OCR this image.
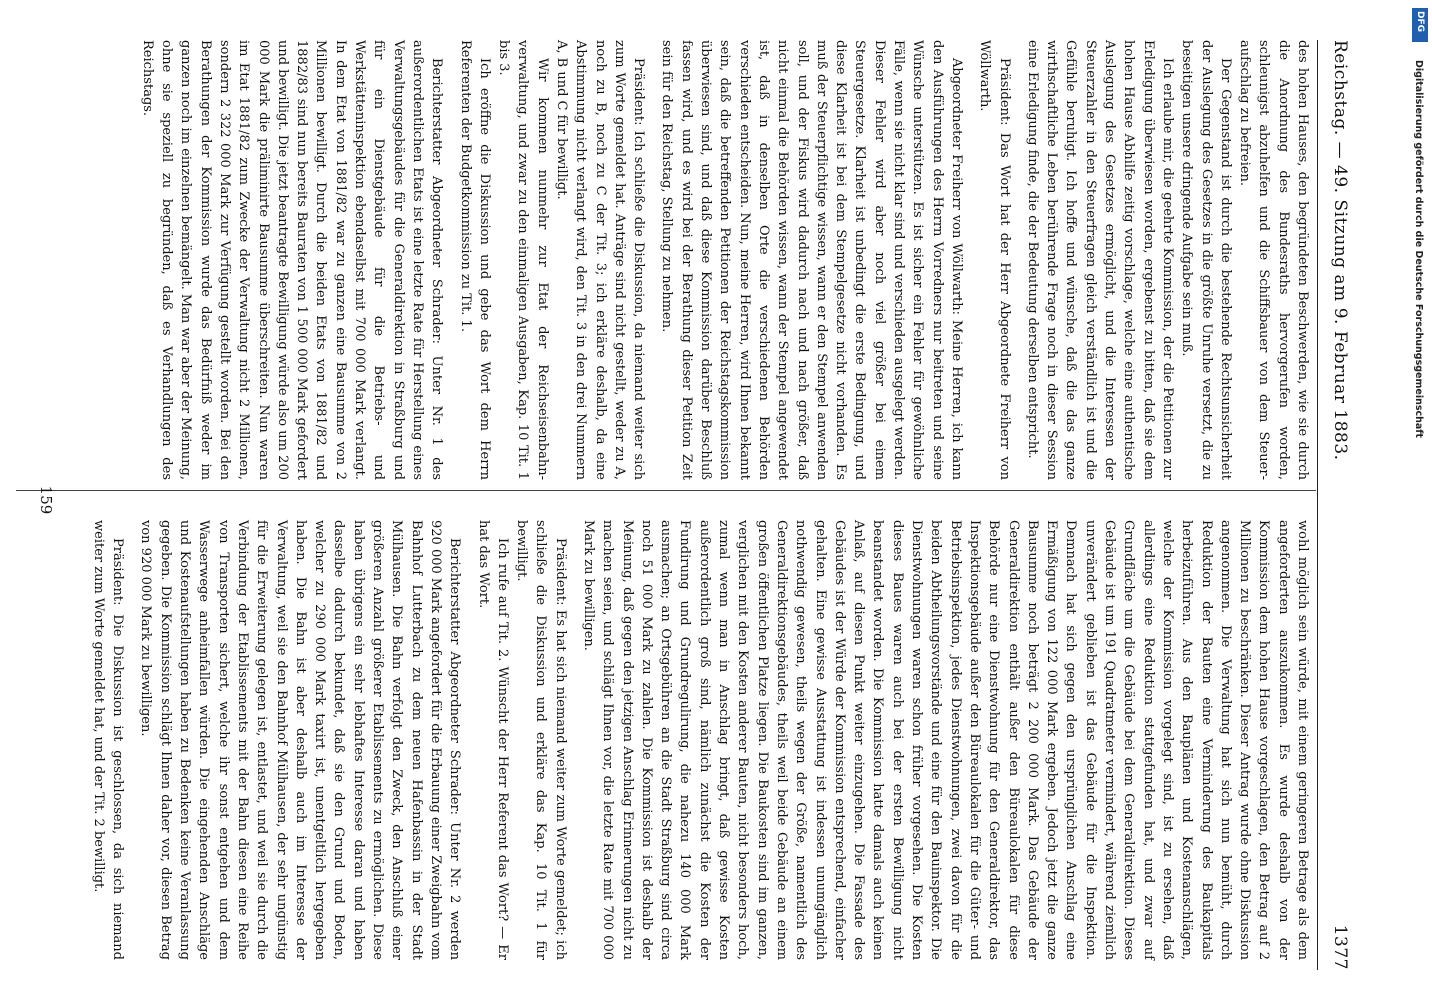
Reichstag. — 49. Sitzung am 9. Februar 1883.
1377

des hohen Hauses, den begründeten Beschwerden, wie sie durch die Anordnung des Bundesraths hervorgerufen worden, schleunigst abzuhelfen und die Schiffsbauer von dem Steueraufschlag zu befreien.

Der Gegenstand ist durch die bestehende Rechtsunsicherheit der Auslegung des Gesetzes in die größte Unruhe versetzt, die zu beseitigen unsere dringende Aufgabe sein muß.

Ich erlaube mir, die geehrte Kommission, der die Petitionen zur Erledigung überwiesen worden, ergebenst zu bitten, daß sie dem hohen Hause Abhilfe zeitig vorschlage, welche eine authentische Auslegung des Gesetzes ermöglicht, und die Interessen der Steuerzahler in den Steuerfragen gleich verständlich ist und die Gefühle beruhigt. Ich hoffe und wünsche, daß die das ganze wirthschaftliche Leben berührende Frage noch in dieser Session eine Erledigung finde, die der Bedeutung derselben entspricht.

Präsident: Das Wort hat der Herr Abgeordnete Freiherr von Wöllwarth.

Abgeordneter Freiherr von Wöllwarth: Meine Herren, ich kann den Ausführungen des Herrn Vorredners nur beitreten und seine Wünsche unterstützen. Es ist sicher ein Fehler für gewöhnliche Fälle, wenn sie nicht klar sind und verschieden ausgelegt werden. Dieser Fehler wird aber noch viel größer bei einem Steuergesetze. Klarheit ist unbedingt die erste Bedingung, und diese Klarheit ist bei dem Stempelgesetze nicht vorhanden. Es muß der Steuerpflichtige wissen, wann er den Stempel anwenden soll, und der Fiskus wird dadurch nach und nach größer, daß nicht einmal die Behörden wissen, wann der Stempel angewendet ist, daß in denselben Orte die verschiedenen Behörden verschieden entscheiden. Nun, meine Herren, wird Ihnen bekannt sein, daß die betreffenden Petitionen der Reichstagskommission überwiesen sind, und daß diese Kommission darüber Beschluß fassen wird, und es wird bei der Berathung dieser Petition Zeit sein für den Reichstag, Stellung zu nehmen.

Präsident: Ich schließe die Diskussion, da niemand weiter sich zum Worte gemeldet hat. Anträge sind nicht gestellt, weder zu A, noch zu B, noch zu C der Tit. 3; ich erkläre deshalb, da eine Abstimmung nicht verlangt wird, den Tit. 3 in den drei Nummern A, B und C für bewilligt.

Wir kommen nunmehr zur Etat der Reichseisenbahnverwaltung, und zwar zu den einmaligen Ausgaben, Kap. 10 Tit. 1 bis 3.

Ich eröffne die Diskussion und gebe das Wort dem Herrn Referenten der Budgetkommission zu Tit. 1.

Berichterstatter Abgeordneter Schrader: Unter Nr. 1 des außerordentlichen Etats ist eine letzte Rate für Herstellung eines Verwaltungsgebäudes für die Generaldirektion in Straßburg und für ein Dienstgebäude für die Betriebs- und Werkstätteninspektion ebendaselbst mit 700 000 Mark verlangt. In dem Etat von 1881/82 war zu ganzen eine Bausumme von 2 Millionen bewilligt. Durch die beiden Etats von 1881/82 und 1882/83 sind nun bereits Bauraten von 1 500 000 Mark gefordert und bewilligt. Die jetzt beantragte Bewilligung würde also um 200 000 Mark die präliminirte Bausumme überschreiten. Nun waren im Etat 1881/82 zum Zwecke der Verwaltung nicht 2 Millionen, sondern 2 322 000 Mark zur Verfügung gestellt worden. Bei den Berathungen der Kommission wurde das Bedürfniß weder im ganzen noch im einzelnen bemängelt. Man war aber der Meinung, ohne sie speziell zu begründen, daß es Verhandlungen des Reichstags.

wohl möglich sein würde, mit einem geringeren Betrage als dem angeforderten auszukommen. Es wurde deshalb von der Kommission dem hohen Hause vorgeschlagen, den Betrag auf 2 Millionen zu beschränken. Dieser Antrag wurde ohne Diskussion angenommen. Die Verwaltung hat sich nun bemüht, durch Reduktion der Bauten eine Verminderung des Baukapitals herbeizuführen. Aus den Bauplänen und Kostenanschlägen, welche der Kommission vorgelegt sind, ist zu ersehen, daß allerdings eine Reduktion stattgefunden hat, und zwar auf Grundfläche um die Gebäude bei dem Generaldirektion. Dieses Gebäude ist um 191 Quadratmeter vermindert, während ziemlich unverändert geblieben ist das Gebäude für die Inspektion. Demnach hat sich gegen den ursprünglichen Anschlag eine Ermäßigung von 122 000 Mark ergeben. Jedoch jetzt die ganze Bausumme noch beträgt 2 200 000 Mark. Das Gebäude der Generaldirektion enthält außer den Büreaulokalen für diese Behörde nur eine Dienstwohnung für den Generaldirektor, das Inspektionsgebäude außer den Büreaulokalen für die Güter- und Betriebsinspektion, jedes Dienstwohnungen, zwei davon für die beiden Abtheilungsvorstände und eine für den Bauinspektor. Die Dienstwohnungen waren schon früher vorgesehen. Die Kosten dieses Baues waren auch bei der ersten Bewilligung nicht beanstandet worden. Die Kommission hatte damals auch keinen Anlaß, auf diesen Punkt weiter einzugehen. Die Fassade des Gebäudes ist der Würde der Kommission entsprechend, einfacher gehalten. Eine gewisse Ausstattung ist indessen unumgänglich nothwendig gewesen, theils wegen der Größe, namentlich des Generaldirektionsgebäudes, theils weil beide Gebäude an einem großen öffentlichen Platze liegen. Die Baukosten sind im ganzen, verglichen mit den Kosten anderer Bauten, nicht besonders hoch, zumal wenn man in Anschlag bringt, daß gewisse Kosten außerordentlich groß sind, nämlich zunächst die Kosten der Fundirung und Grundregulirung, die nahezu 140 000 Mark ausmachen; an Ortsgebühren an die Stadt Straßburg sind circa noch 51 000 Mark zu zahlen. Die Kommission ist deshalb der Meinung, daß gegen den jetzigen Anschlag Erinnerungen nicht zu machen seien, und schlägt Ihnen vor, die letzte Rate mit 700 000 Mark zu bewilligen.

Präsident: Es hat sich niemand weiter zum Worte gemeldet; ich schließe die Diskussion und erkläre das Kap. 10 Tit. 1 für bewilligt.

Ich rufe auf Tit. 2. Wünscht der Herr Referent das Wort? — Er hat das Wort.

Berichterstatter Abgeordneter Schrader: Unter Nr. 2 werden 920 000 Mark angefordert für die Erbauung einer Zweigbahn vom Bahnhof Lutterbach zu dem neuen Hafenbassin in der Stadt Mülhausen. Die Bahn verfolgt den Zweck, den Anschluß einer größeren Anzahl größerer Etablissements zu ermöglichen. Diese haben übrigens ein sehr lebhaftes Interesse daran und haben dasselbe dadurch bekundet, daß sie den Grund und Boden, welcher zu 290 000 Mark taxirt ist, unentgeltlich hergegeben haben. Die Bahn ist aber deshalb auch im Interesse der Verwaltung, weil sie den Bahnhof Mülhausen, der sehr ungünstig für die Erweiterung gelegen ist, entlastet, und weil sie durch die Verbindung der Etablissements mit der Bahn diesen eine Reihe von Transporten sichert, welche ihr sonst entgehen und dem Wasserwege anheimfallen würden. Die eingehenden Anschläge und Kostenaufstellungen haben zu Bedenken keine Veranlassung gegeben. Die Kommission schlägt Ihnen daher vor, diesen Betrag von 920 000 Mark zu bewilligen.

Präsident: Die Diskussion ist geschlossen, da sich niemand weiter zum Worte gemeldet hat, und der Tit. 2 bewilligt.

159
DFG
Digitalisierung gefördert durch die Deutsche Forschungsgemeinschaft
